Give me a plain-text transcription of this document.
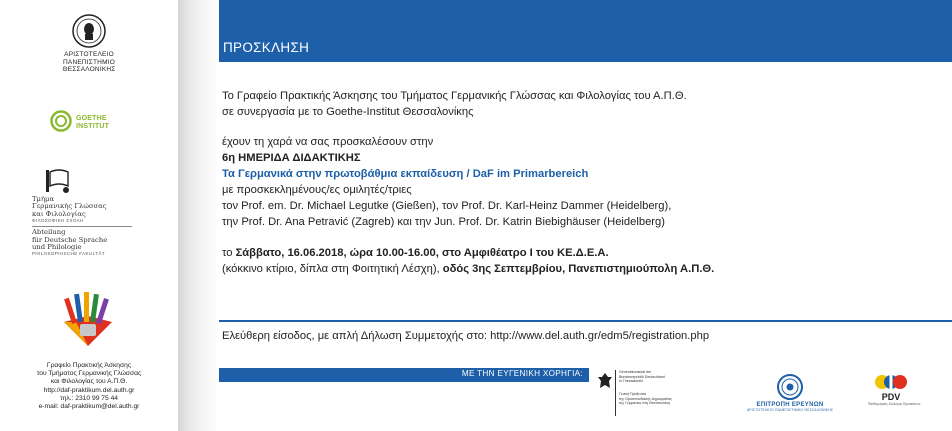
ΑΡΙΣΤΟΤΕΛΕΙΟ
ΠΑΝΕΠΙΣΤΗΜΙΟ
ΘΕΣΣΑΛΟΝΙΚΗΣ
GOETHE
INSTITUT
Τμήμα
Γερμανικής Γλώσσας
και Φιλολογίας
ΦΙΛΟΣΟΦΙΚΗ ΣΧΟΛΗ
Abteilung
für Deutsche Sprache
und Philologie
PHILOSOPHISCHE FAKULTÄT
Γραφείο Πρακτικής Άσκησης
του Τμήματος Γερμανικής Γλώσσας
και Φιλολογίας του Α.Π.Θ.
http://daf-praktikum.del.auth.gr
τηλ.: 2310 99 75 44
e-mail: daf-praktikum@del.auth.gr
ΠΡΟΣΚΛΗΣΗ
Το Γραφείο Πρακτικής Άσκησης του Τμήματος Γερμανικής Γλώσσας και Φιλολογίας του Α.Π.Θ.
σε συνεργασία με το Goethe-Institut Θεσσαλονίκης
έχουν τη χαρά να σας προσκαλέσουν στην
6η ΗΜΕΡΙΔΑ ΔΙΔΑΚΤΙΚΗΣ
Τα Γερμανικά στην πρωτοβάθμια εκπαίδευση / DaF im Primarbereich
με προσκεκλημένους/ες ομιλητές/τριες
τον Prof. em. Dr. Michael Legutke (Gießen), τον Prof. Dr. Karl-Heinz Dammer (Heidelberg),
την Prof. Dr. Ana Petravić (Zagreb) και την Jun. Prof. Dr. Katrin Biebighäuser (Heidelberg)
το Σάββατο, 16.06.2018, ώρα 10.00-16.00, στο Αμφιθέατρο Ι του ΚΕ.Δ.Ε.Α.
(κόκκινο κτίριο, δίπλα στη Φοιτητική Λέσχη), οδός 3ης Σεπτεμβρίου, Πανεπιστημιούπολη Α.Π.Θ.
Ελεύθερη είσοδος, με απλή Δήλωση Συμμετοχής στο: http://www.del.auth.gr/edm5/registration.php
ΜΕ ΤΗΝ ΕΥΓΕΝΙΚΗ ΧΟΡΗΓΙΑ:	Generalkonsulat der
Bundesrepublik Deutschland
in Thessaloniki
Γενική Πρόξενεία
της Ομοσπονδιακής Δημοκρατίας
της Γερμανίας στη Θεσσαλονίκη	ΕΠΙΤΡΟΠΗ ΕΡΕΥΝΩΝ
ΑΡΙΣΤΟΤΕΛΕΙΟ ΠΑΝΕΠΙΣΤΗΜΙΟ ΘΕΣΣΑΛΟΝΙΚΗΣ
PDV
Παιδαγωγικός Σύλλογος Προσκόπων
